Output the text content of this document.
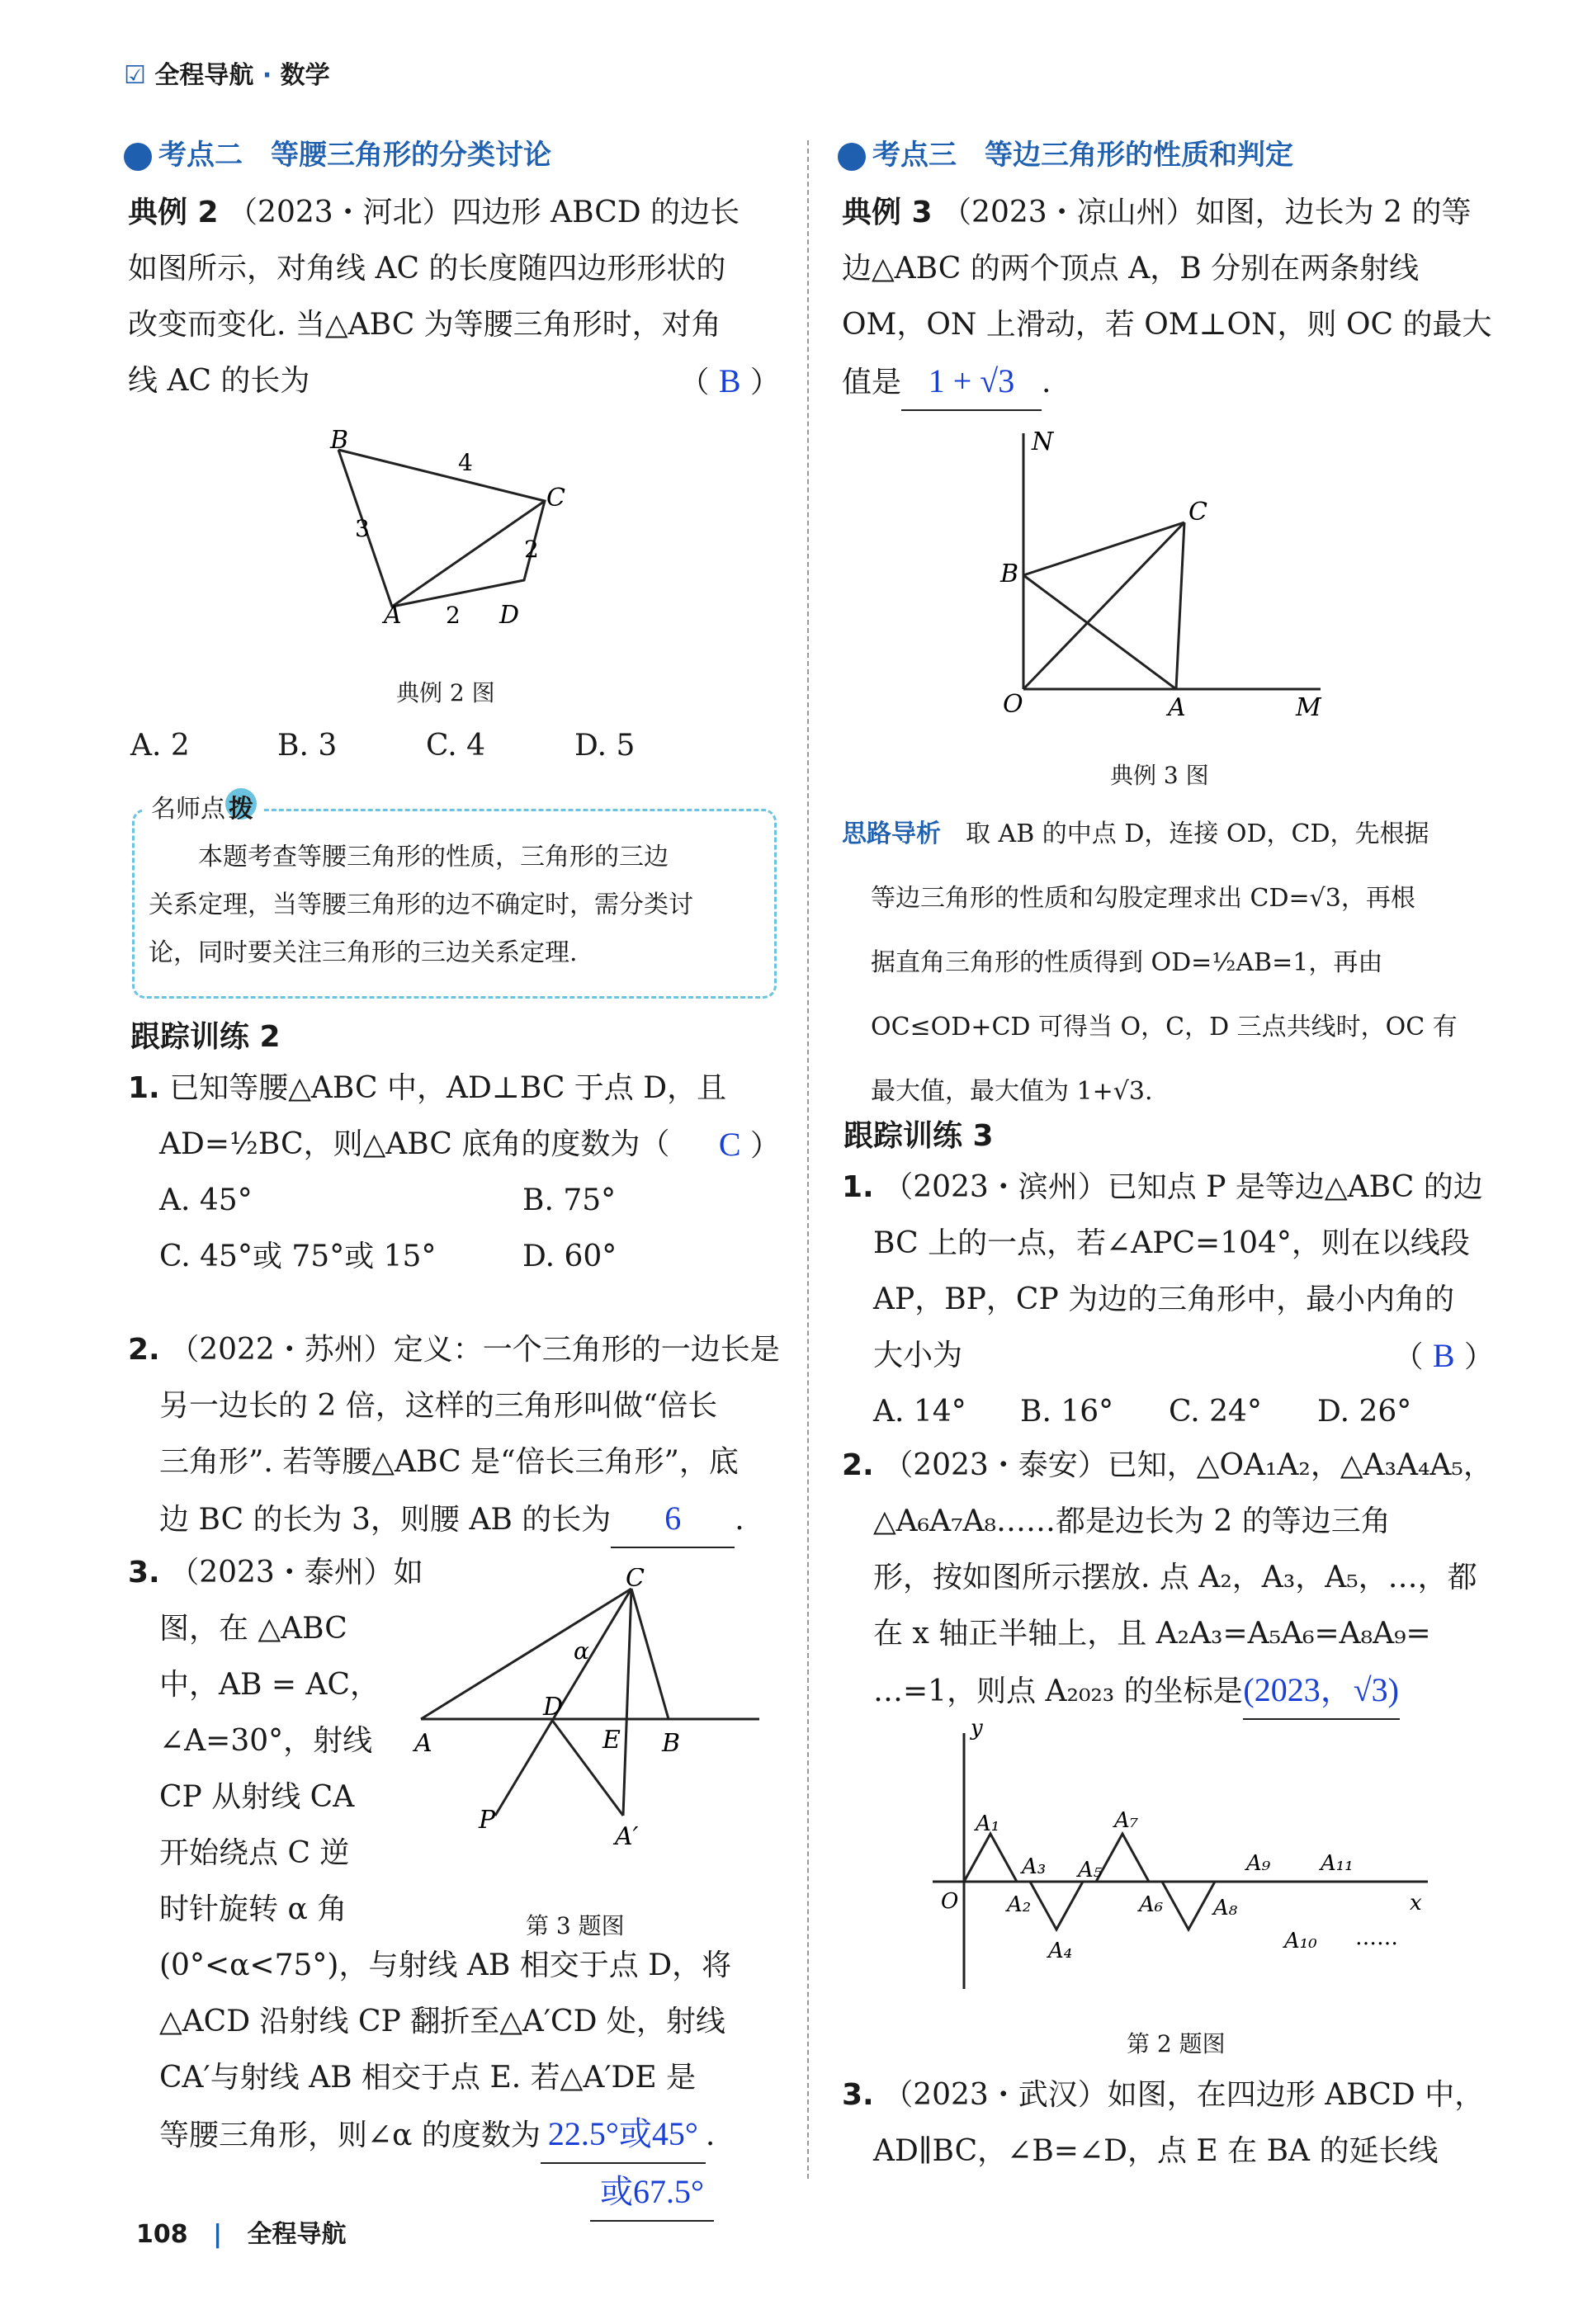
☑ 全程导航 · 数学
考点二　等腰三角形的分类讨论
典例 2 （2023・河北）四边形 ABCD 的边长
如图所示，对角线 AC 的长度随四边形形状的
改变而变化. 当△ABC 为等腰三角形时，对角
线 AC 的长为	（ B ）
B
C
A	D
3
4
2
2
典例 2 图
A. 2	B. 3	C. 4	D. 5
名师点 拨
本题考查等腰三角形的性质，三角形的三边
关系定理，当等腰三角形的边不确定时，需分类讨
论，同时要关注三角形的三边关系定理.
跟踪训练 2
1. 已知等腰△ABC 中，AD⊥BC 于点 D，且
AD=½BC，则△ABC 底角的度数为（ C ）
A. 45°	B. 75°
C. 45°或 75°或 15°	D. 60°
2. （2022・苏州）定义：一个三角形的一边长是
另一边长的 2 倍，这样的三角形叫做“倍长
三角形”. 若等腰△ABC 是“倍长三角形”，底
边 BC 的长为 3，则腰 AB 的长为 6 .
3. （2023・泰州）如
图，在 △ABC
中，AB = AC，
∠A=30°，射线
CP 从射线 CA
开始绕点 C 逆
时针旋转 α 角
(0°<α<75°)，与射线 AB 相交于点 D，将
△ACD 沿射线 CP 翻折至△A′CD 处，射线
CA′与射线 AB 相交于点 E. 若△A′DE 是
等腰三角形，则∠α 的度数为 22.5°或45° .
或67.5°
C
α
A
D
E B
P
A′
第 3 题图
考点三　等边三角形的性质和判定
典例 3 （2023・凉山州）如图，边长为 2 的等
边△ABC 的两个顶点 A，B 分别在两条射线
OM，ON 上滑动，若 OM⊥ON，则 OC 的最大
值是 1 + √3 .
N
C
B
O	A	M
典例 3 图
思路导析　 取 AB 的中点 D，连接 OD，CD，先根据
等边三角形的性质和勾股定理求出 CD=√3，再根
据直角三角形的性质得到 OD=½AB=1，再由
OC≤OD+CD 可得当 O，C，D 三点共线时，OC 有
最大值，最大值为 1+√3.
跟踪训练 3
1. （2023・滨州）已知点 P 是等边△ABC 的边
BC 上的一点，若∠APC=104°，则在以线段
AP，BP，CP 为边的三角形中，最小内角的
大小为	（ B ）
A. 14° B. 16° C. 24° D. 26°
2. （2023・泰安）已知，△OA₁A₂，△A₃A₄A₅，
△A₆A₇A₈……都是边长为 2 的等边三角
形，按如图所示摆放. 点 A₂，A₃，A₅，…，都
在 x 轴正半轴上，且 A₂A₃=A₅A₆=A₈A₉=
…=1，则点 A₂₀₂₃ 的坐标是(2023，√3)
y
x
O
A₁
A₂
A₃
A₄
A₅
A₆
A₇
A₈
A₉
A₁₀
A₁₁
……
第 2 题图
3. （2023・武汉）如图，在四边形 ABCD 中，
AD∥BC，∠B=∠D，点 E 在 BA 的延长线
108 | 全程导航
